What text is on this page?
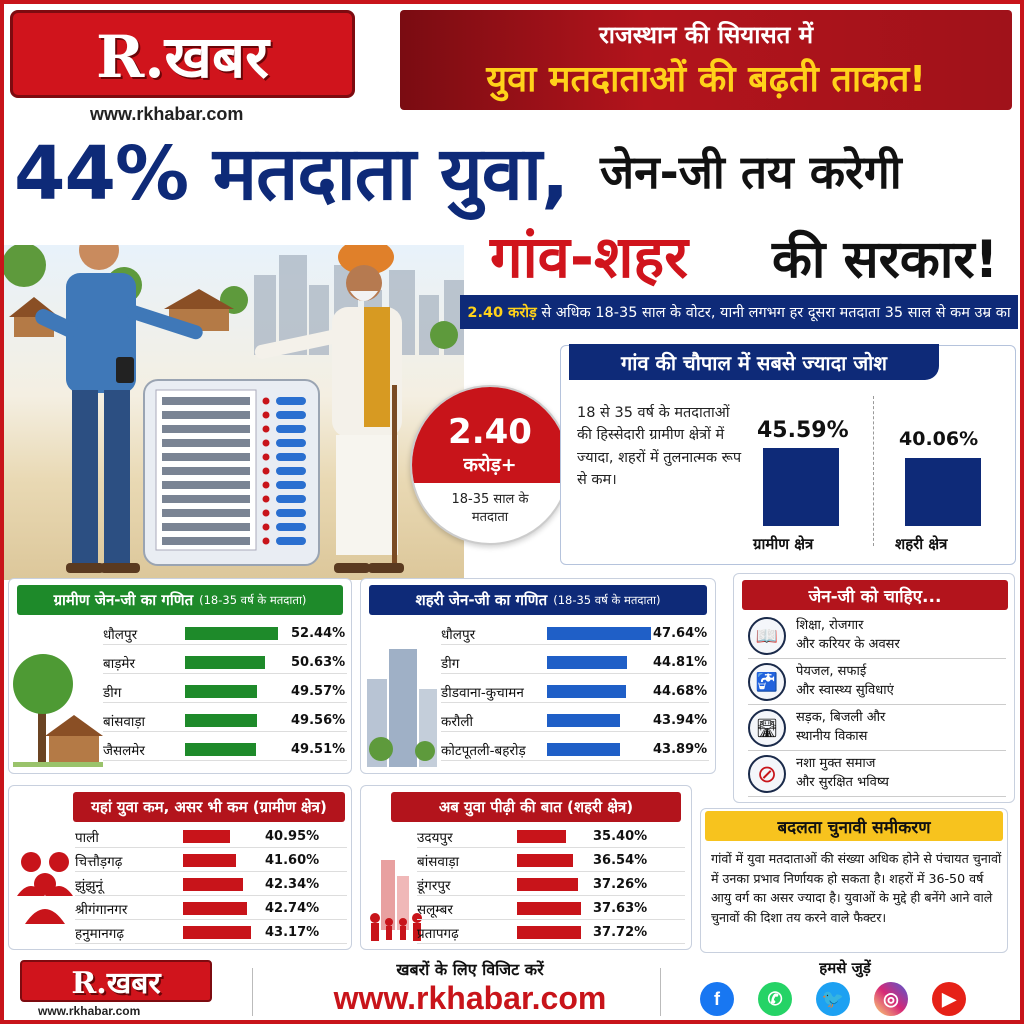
R.खबर
www.rkhabar.com
राजस्थान की सियासत में
युवा मतदाताओं की बढ़ती ताकत!
44% मतदाता युवा, जेन-जी तय करेगी
गांव-शहर की सरकार!
2.40 करोड़
से अधिक 18-35 साल के वोटर, यानी लगभग हर दूसरा मतदाता 35 साल से कम उम्र का
2.40
करोड़+
18-35 साल के
मतदाता
गांव की चौपाल में सबसे ज्यादा जोश
18 से 35 वर्ष के मतदाताओं की हिस्सेदारी ग्रामीण क्षेत्रों में ज्यादा, शहरों में तुलनात्मक रूप से कम।
45.59%
ग्रामीण क्षेत्र
40.06%
शहरी क्षेत्र
ग्रामीण जेन-जी का गणित (18-35 वर्ष के मतदाता)
धौलपुर	52.44%
बाड़मेर	50.63%
डीग	49.57%
बांसवाड़ा	49.56%
जैसलमेर	49.51%
शहरी जेन-जी का गणित (18-35 वर्ष के मतदाता)
धौलपुर	47.64%
डीग	44.81%
डीडवाना-कुचामन	44.68%
करौली	43.94%
कोटपूतली-बहरोड़	43.89%
जेन-जी को चाहिए...
📖	शिक्षा, रोजगार
और करियर के अवसर
🚰	पेयजल, सफाई
और स्वास्थ्य सुविधाएं
🛣	सड़क, बिजली और
स्थानीय विकास
⊘	नशा मुक्त समाज
और सुरक्षित भविष्य
यहां युवा कम, असर भी कम (ग्रामीण क्षेत्र)
पाली	40.95%
चित्तौड़गढ़	41.60%
झुंझुनूं	42.34%
श्रीगंगानगर	42.74%
हनुमानगढ़	43.17%
अब युवा पीढ़ी की बात (शहरी क्षेत्र)
उदयपुर	35.40%
बांसवाड़ा	36.54%
डूंगरपुर	37.26%
सलूम्बर	37.63%
प्रतापगढ़	37.72%
बदलता चुनावी समीकरण
गांवों में युवा मतदाताओं की संख्या अधिक होने से पंचायत चुनावों में उनका प्रभाव निर्णायक हो सकता है। शहरों में 36-50 वर्ष आयु वर्ग का असर ज्यादा है। युवाओं के मुद्दे ही बनेंगे आने वाले चुनावों की दिशा तय करने वाले फैक्टर।
R.खबर
www.rkhabar.com
खबरों के लिए विजिट करें
www.rkhabar.com
हमसे जुड़ें
f	✆	🐦	◎	▶
